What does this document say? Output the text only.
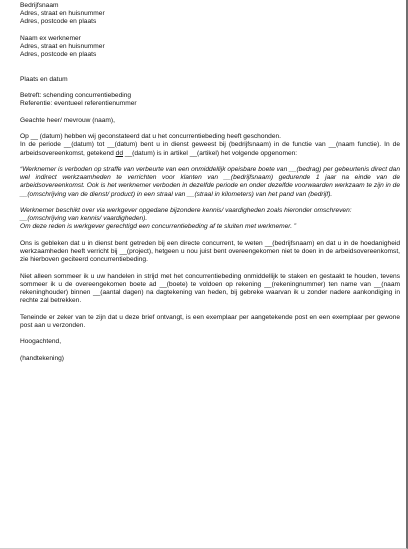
Bedrijfsnaam
Adres, straat en huisnummer
Adres, postcode en plaats
Naam ex werknemer
Adres, straat en huisnummer
Adres, postcode en plaats
Plaats en datum
Betreft: schending concurrentiebeding
Referentie: eventueel referentienummer
Geachte heer/ mevrouw (naam),

Op __ (datum) hebben wij geconstateerd dat u het concurrentiebeding heeft geschonden.

In de periode __(datum) tot __(datum) bent u in dienst geweest bij (bedrijfsnaam) in de functie van __(naam functie). In de arbeidsovereenkomst, getekend dd __(datum) is in artikel __(artikel) het volgende opgenomen:

“Werknemer is verboden op straffe van verbeurte van een onmiddellijk opeisbare boete van __(bedrag) per gebeurtenis direct dan wel indirect werkzaamheden te verrichten voor klanten van __(bedrijfsnaam) gedurende 1 jaar na einde van de arbeidsovereenkomst. Ook is het werknemer verboden in dezelfde periode en onder dezelfde voorwaarden werkzaam te zijn in de __(omschrijving van de dienst/ product) in een straal van __(straal in kilometers) van het pand van (bedrijf).

Werknemer beschikt over via werkgever opgedane bijzondere kennis/ vaardigheden zoals hieronder omschreven:

__(omschrijving van kennis/ vaardigheden).

Om deze reden is werkgever gerechtigd een concurrentiebeding af te sluiten met werknemer. ”

Ons is gebleken dat u in dienst bent getreden bij een directe concurrent, te weten __(bedrijfsnaam) en dat u in de hoedanigheid werkzaamheden heeft verricht bij __(project), hetgeen u nou juist bent overeengekomen niet te doen in de arbeidsovereenkomst, zie hierboven geciteerd concurrentiebeding.

Niet alleen sommeer ik u uw handelen in strijd met het concurrentiebeding onmiddellijk te staken en gestaakt te houden, tevens sommeer ik u de overeengekomen boete ad __(boete) te voldoen op rekening __(rekeningnummer) ten name van __(naam rekeninghouder) binnen __(aantal dagen) na dagtekening van heden, bij gebreke waarvan ik u zonder nadere aankondiging in rechte zal betrekken.

Teneinde er zeker van te zijn dat u deze brief ontvangt, is een exemplaar per aangetekende post en een exemplaar per gewone post aan u verzonden.

Hoogachtend,
(handtekening)
